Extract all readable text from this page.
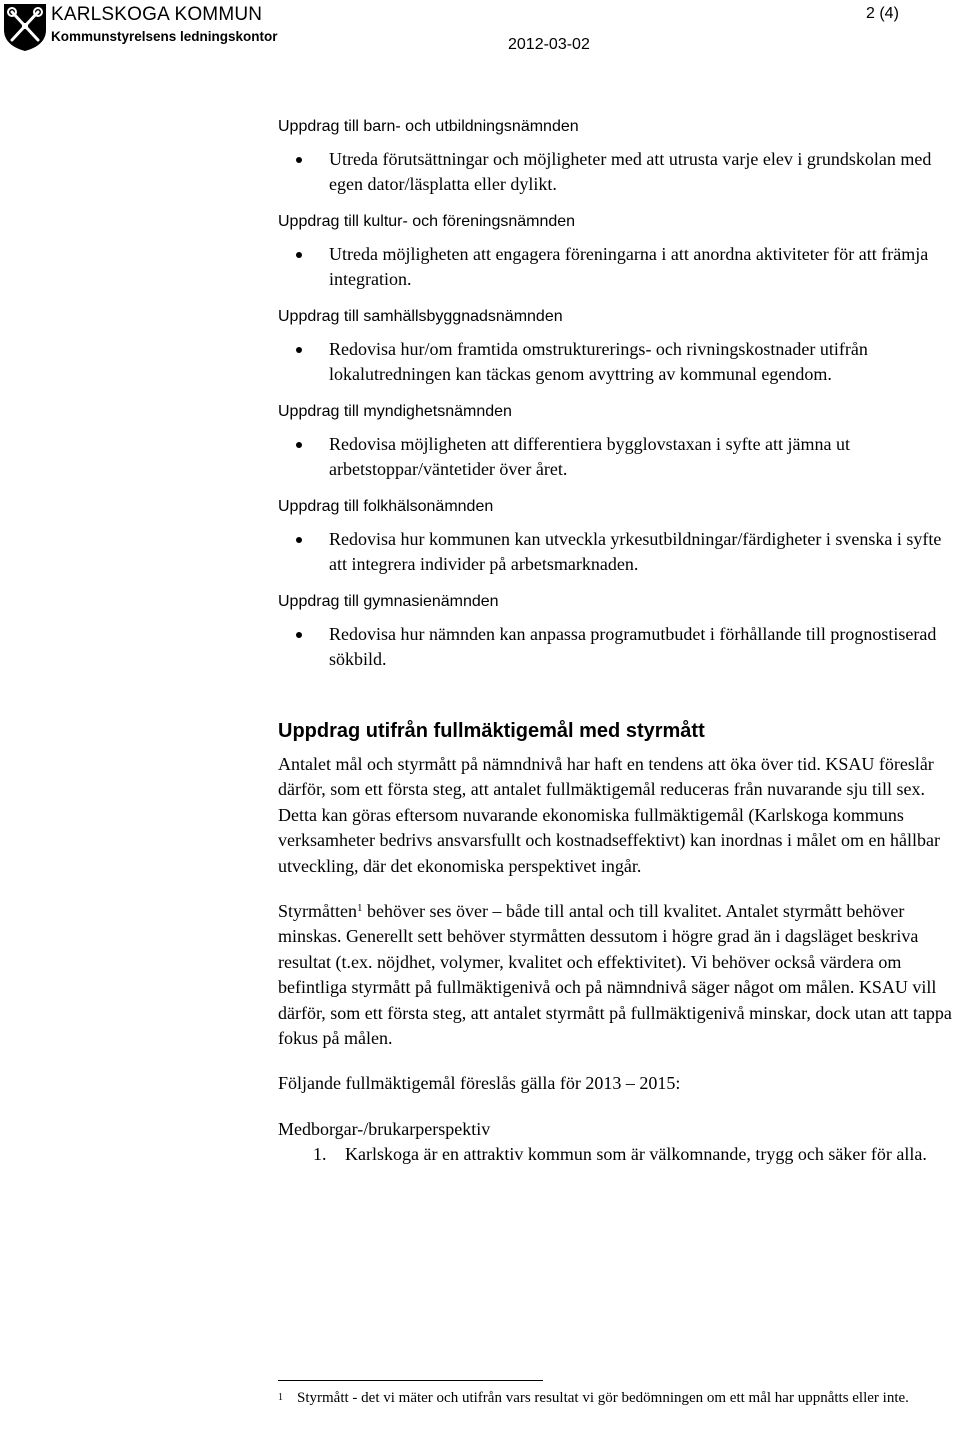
KARLSKOGA KOMMUN
Kommunstyrelsens ledningskontor
2 (4)
2012-03-02

Uppdrag till barn- och utbildningsnämnden

Utreda förutsättningar och möjligheter med att utrusta varje elev i grundskolan med egen dator/läsplatta eller dylikt.

Uppdrag till kultur- och föreningsnämnden

Utreda möjligheten att engagera föreningarna i att anordna aktiviteter för att främja integration.

Uppdrag till samhällsbyggnadsnämnden

Redovisa hur/om framtida omstrukturerings- och rivningskostnader utifrån lokalutredningen kan täckas genom avyttring av kommunal egendom.

Uppdrag till myndighetsnämnden

Redovisa möjligheten att differentiera bygglovstaxan i syfte att jämna ut arbetstoppar/väntetider över året.

Uppdrag till folkhälsonämnden

Redovisa hur kommunen kan utveckla yrkesutbildningar/färdigheter i svenska i syfte att integrera individer på arbetsmarknaden.

Uppdrag till gymnasienämnden

Redovisa hur nämnden kan anpassa programutbudet i förhållande till prognostiserad sökbild.

Uppdrag utifrån fullmäktigemål med styrmått

Antalet mål och styrmått på nämndnivå har haft en tendens att öka över tid. KSAU föreslår därför, som ett första steg, att antalet fullmäktigemål reduceras från nuvarande sju till sex. Detta kan göras eftersom nuvarande ekonomiska fullmäktigemål (Karlskoga kommuns verksamheter bedrivs ansvarsfullt och kostnadseffektivt) kan inordnas i målet om en hållbar utveckling, där det ekonomiska perspektivet ingår.

Styrmåtten$^1$ behöver ses över – både till antal och till kvalitet. Antalet styrmått behöver minskas. Generellt sett behöver styrmåtten dessutom i högre grad än i dagsläget beskriva resultat (t.ex. nöjdhet, volymer, kvalitet och effektivitet). Vi behöver också värdera om befintliga styrmått på fullmäktigenivå och på nämndnivå säger något om målen. KSAU vill därför, som ett första steg, att antalet styrmått på fullmäktigenivå minskar, dock utan att tappa fokus på målen.

Följande fullmäktigemål föreslås gälla för 2013 – 2015:

Medborgar-/brukarperspektiv

1. Karlskoga är en attraktiv kommun som är välkomnande, trygg och säker för alla.

$^1$ Styrmått - det vi mäter och utifrån vars resultat vi gör bedömningen om ett mål har uppnåtts eller inte.
